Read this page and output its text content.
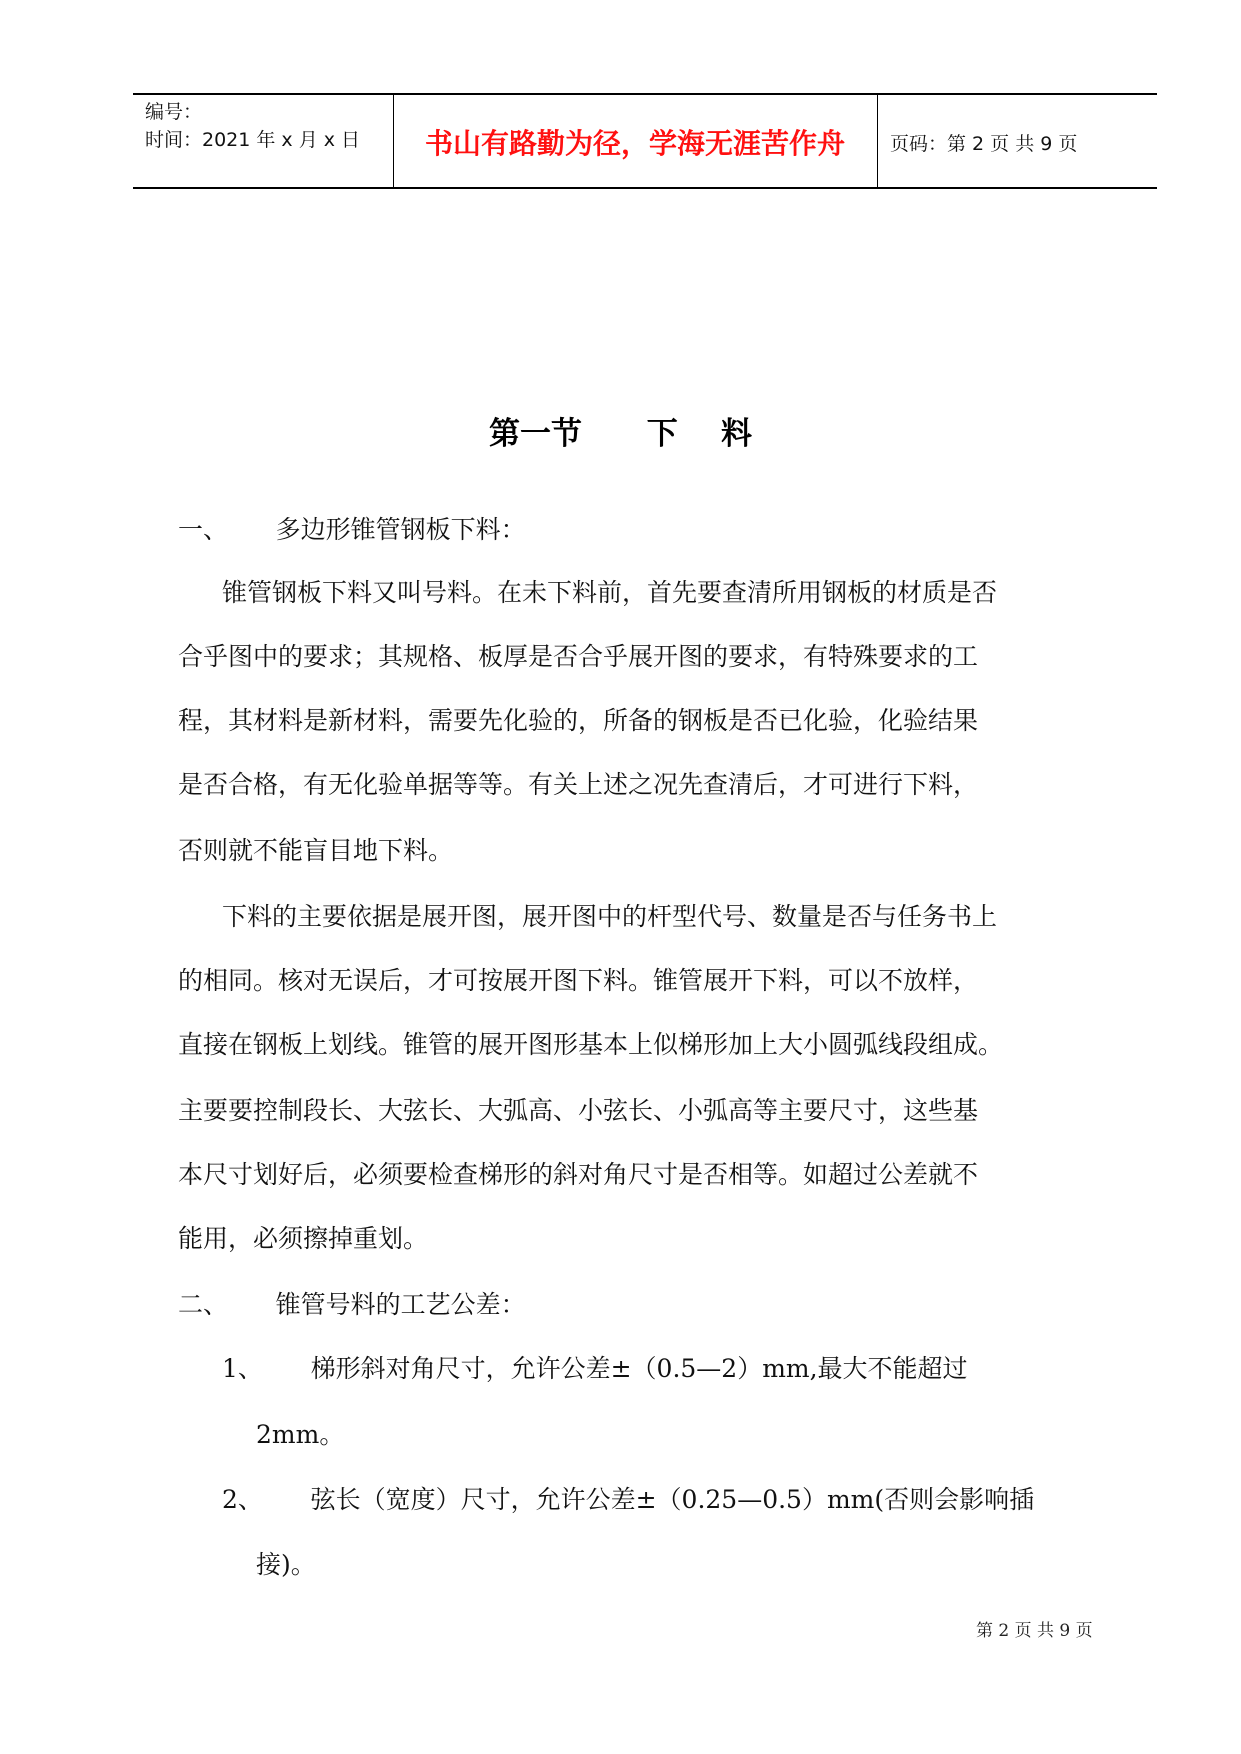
编号：
时间：2021 年 x 月 x 日	书山有路勤为径，学海无涯苦作舟	页码：第 2 页 共 9 页
第一节      下    料
一、      多边形锥管钢板下料：
锥管钢板下料又叫号料。在未下料前，首先要查清所用钢板的材质是否
合乎图中的要求；其规格、板厚是否合乎展开图的要求，有特殊要求的工
程，其材料是新材料，需要先化验的，所备的钢板是否已化验，化验结果
是否合格，有无化验单据等等。有关上述之况先查清后，才可进行下料，
否则就不能盲目地下料。
下料的主要依据是展开图，展开图中的杆型代号、数量是否与任务书上
的相同。核对无误后，才可按展开图下料。锥管展开下料，可以不放样，
直接在钢板上划线。锥管的展开图形基本上似梯形加上大小圆弧线段组成。
主要要控制段长、大弦长、大弧高、小弦长、小弧高等主要尺寸，这些基
本尺寸划好后，必须要检查梯形的斜对角尺寸是否相等。如超过公差就不
能用，必须擦掉重划。
二、      锥管号料的工艺公差：
1、      梯形斜对角尺寸，允许公差±（0.5—2）mm,最大不能超过
2mm。
2、      弦长（宽度）尺寸，允许公差±（0.25—0.5）mm(否则会影响插
接)。
第 2 页 共 9 页
